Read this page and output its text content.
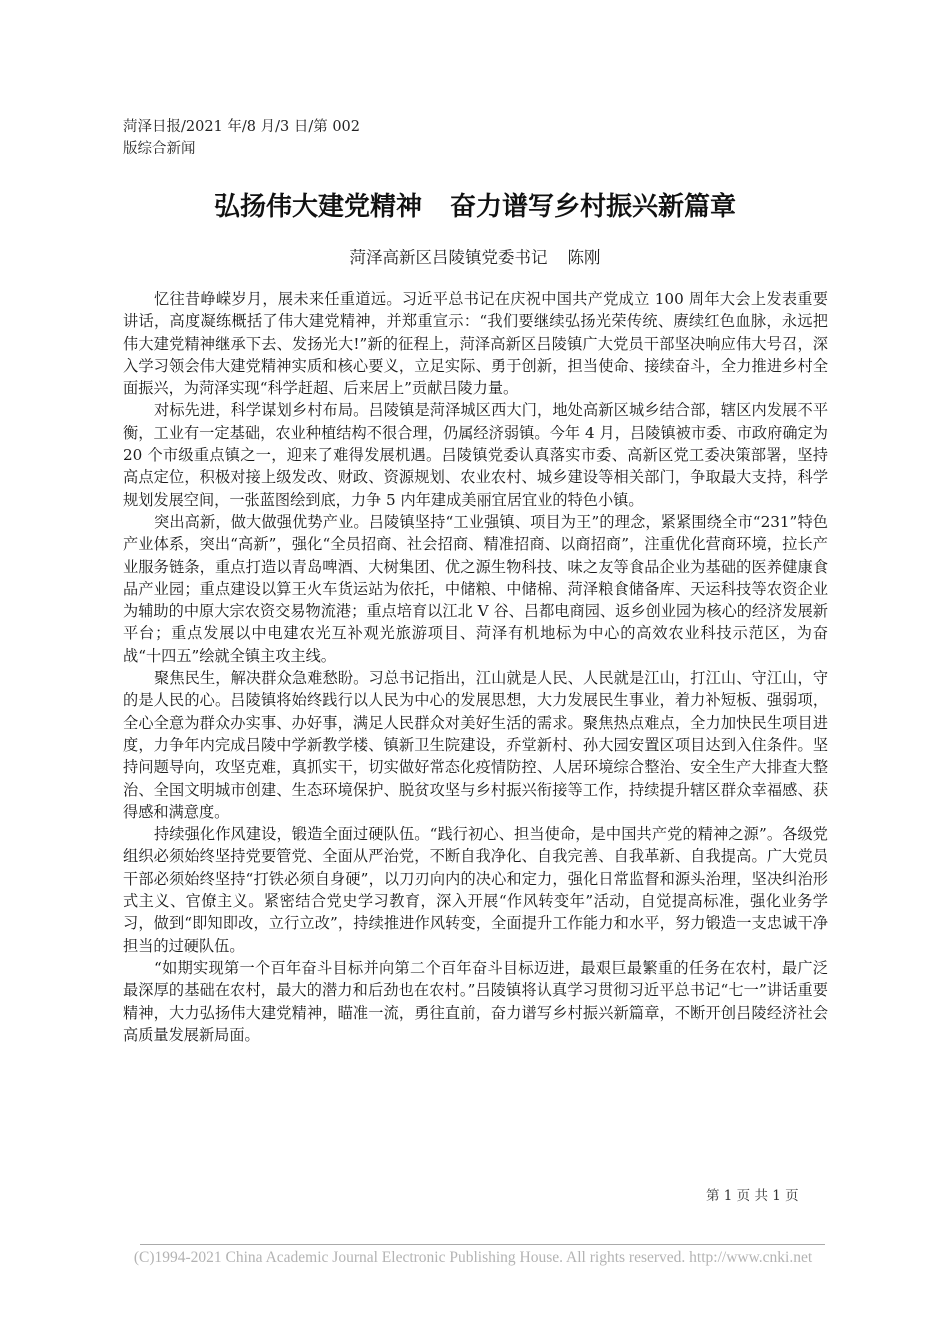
菏泽日报/2021 年/8 月/3 日/第 002 版综合新闻
弘扬伟大建党精神 奋力谱写乡村振兴新篇章
菏泽高新区吕陵镇党委书记 陈刚

忆往昔峥嵘岁月，展未来任重道远。习近平总书记在庆祝中国共产党成立 100 周年大会上发表重要讲话，高度凝练概括了伟大建党精神，并郑重宣示：“我们要继续弘扬光荣传统、赓续红色血脉，永远把伟大建党精神继承下去、发扬光大!”新的征程上，菏泽高新区吕陵镇广大党员干部坚决响应伟大号召，深入学习领会伟大建党精神实质和核心要义，立足实际、勇于创新，担当使命、接续奋斗，全力推进乡村全面振兴，为菏泽实现“科学赶超、后来居上”贡献吕陵力量。

对标先进，科学谋划乡村布局。吕陵镇是菏泽城区西大门，地处高新区城乡结合部，辖区内发展不平衡，工业有一定基础，农业种植结构不很合理，仍属经济弱镇。今年 4 月，吕陵镇被市委、市政府确定为 20 个市级重点镇之一，迎来了难得发展机遇。吕陵镇党委认真落实市委、高新区党工委决策部署，坚持高点定位，积极对接上级发改、财政、资源规划、农业农村、城乡建设等相关部门，争取最大支持，科学规划发展空间，一张蓝图绘到底，力争 5 内年建成美丽宜居宜业的特色小镇。

突出高新，做大做强优势产业。吕陵镇坚持“工业强镇、项目为王”的理念，紧紧围绕全市“231”特色产业体系，突出“高新”，强化“全员招商、社会招商、精准招商、以商招商”，注重优化营商环境，拉长产业服务链条，重点打造以青岛啤酒、大树集团、优之源生物科技、味之友等食品企业为基础的医养健康食品产业园；重点建设以算王火车货运站为依托，中储粮、中储棉、菏泽粮食储备库、天运科技等农资企业为辅助的中原大宗农资交易物流港；重点培育以江北 V 谷、吕都电商园、返乡创业园为核心的经济发展新平台；重点发展以中电建农光互补观光旅游项目、菏泽有机地标为中心的高效农业科技示范区，为奋战“十四五”绘就全镇主攻主线。

聚焦民生，解决群众急难愁盼。习总书记指出，江山就是人民、人民就是江山，打江山、守江山，守的是人民的心。吕陵镇将始终践行以人民为中心的发展思想，大力发展民生事业，着力补短板、强弱项，全心全意为群众办实事、办好事，满足人民群众对美好生活的需求。聚焦热点难点，全力加快民生项目进度，力争年内完成吕陵中学新教学楼、镇新卫生院建设，乔堂新村、孙大园安置区项目达到入住条件。坚持问题导向，攻坚克难，真抓实干，切实做好常态化疫情防控、人居环境综合整治、安全生产大排查大整治、全国文明城市创建、生态环境保护、脱贫攻坚与乡村振兴衔接等工作，持续提升辖区群众幸福感、获得感和满意度。

持续强化作风建设，锻造全面过硬队伍。“践行初心、担当使命，是中国共产党的精神之源”。各级党组织必须始终坚持党要管党、全面从严治党，不断自我净化、自我完善、自我革新、自我提高。广大党员干部必须始终坚持“打铁必须自身硬”，以刀刃向内的决心和定力，强化日常监督和源头治理，坚决纠治形式主义、官僚主义。紧密结合党史学习教育，深入开展“作风转变年”活动，自觉提高标准，强化业务学习，做到“即知即改，立行立改”，持续推进作风转变，全面提升工作能力和水平，努力锻造一支忠诚干净担当的过硬队伍。

“如期实现第一个百年奋斗目标并向第二个百年奋斗目标迈进，最艰巨最繁重的任务在农村，最广泛最深厚的基础在农村，最大的潜力和后劲也在农村。”吕陵镇将认真学习贯彻习近平总书记“七一”讲话重要精神，大力弘扬伟大建党精神，瞄准一流，勇往直前，奋力谱写乡村振兴新篇章，不断开创吕陵经济社会高质量发展新局面。

第 1 页 共 1 页
(C)1994-2021 China Academic Journal Electronic Publishing House. All rights reserved. http://www.cnki.net
